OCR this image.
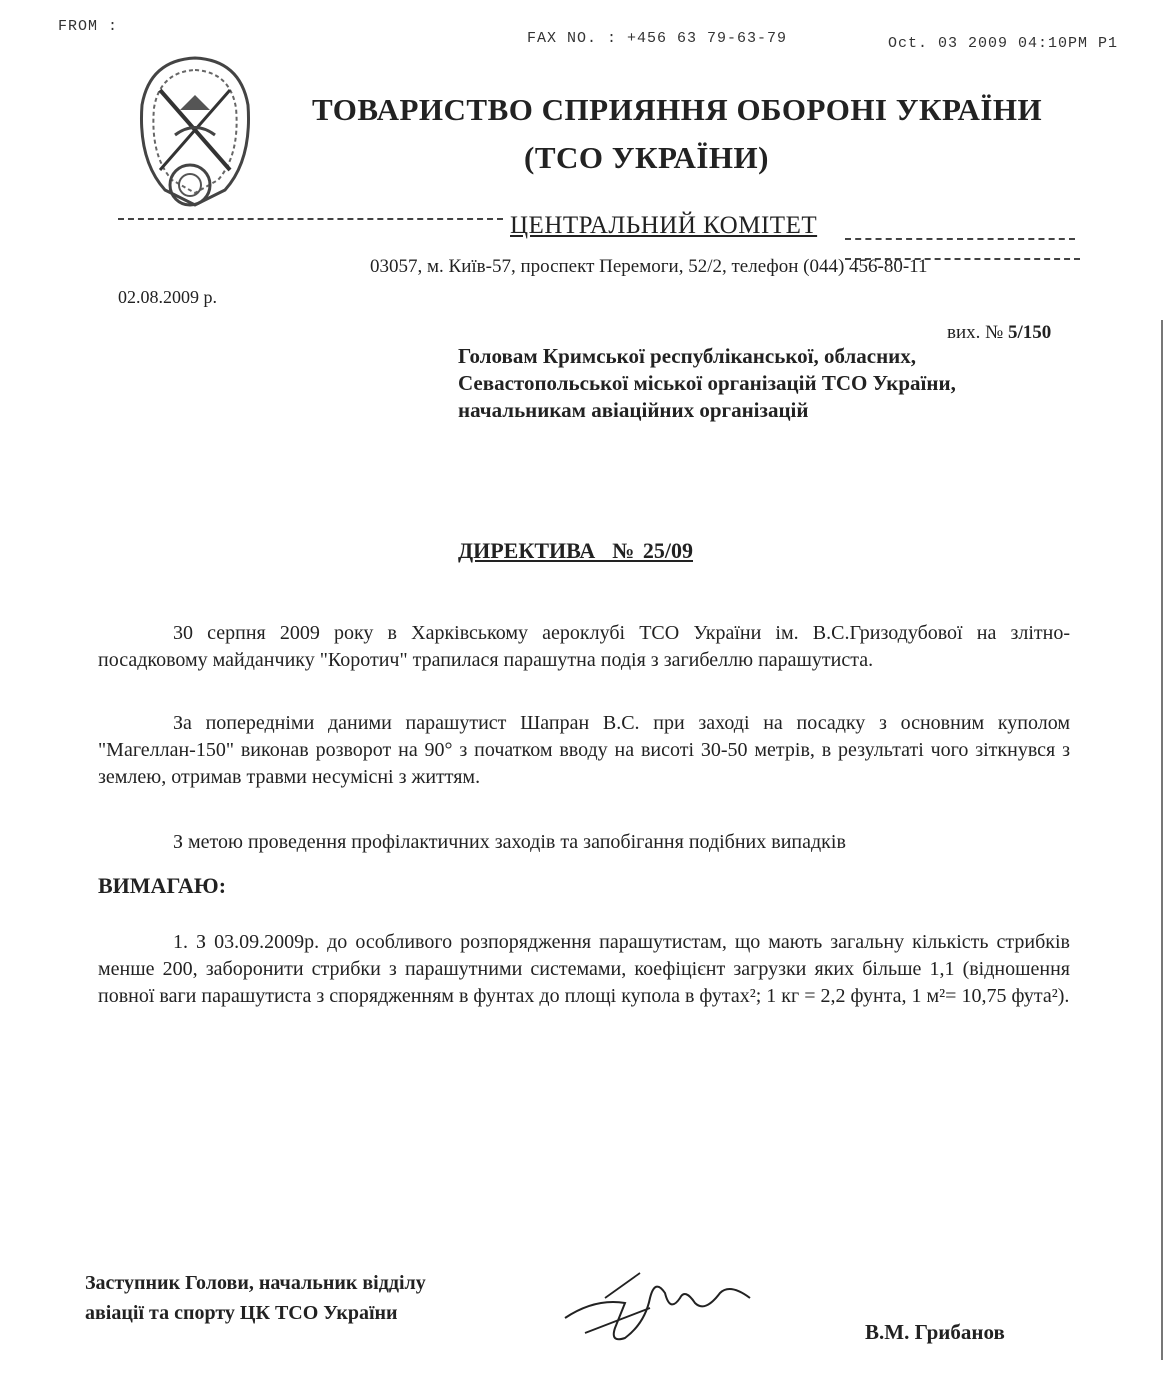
FROM :
FAX NO. : +456 63 79-63-79	Oct. 03 2009 04:10PM P1
ТОВАРИСТВО СПРИЯННЯ ОБОРОНІ УКРАЇНИ
(ТСО УКРАЇНИ)
ЦЕНТРАЛЬНИЙ КОМІТЕТ
03057, м. Київ-57, проспект Перемоги, 52/2, телефон (044) 456-80-11
02.08.2009 р.
вих. № 5/150
Головам Кримської республіканської, обласних,
Севастопольської міської організацій ТСО України,
начальникам авіаційних організацій
ДИРЕКТИВА  № 25/09
30 серпня 2009 року в Харківському аероклубі ТСО України ім. В.С.Гризодубової на злітно-посадковому майданчику "Коротич" трапилася парашутна подія з загибеллю парашутиста.
За попередніми даними парашутист Шапран В.С. при заході на посадку з основним куполом "Магеллан-150" виконав розворот на 90° з початком вводу на висоті 30-50 метрів, в результаті чого зіткнувся з землею, отримав травми несумісні з життям.
З метою проведення профілактичних заходів та запобігання подібних випадків
ВИМАГАЮ:
1. З 03.09.2009р. до особливого розпорядження парашутистам, що мають загальну кількість стрибків менше 200, заборонити стрибки з парашутними системами, коефіцієнт загрузки яких більше 1,1 (відношення повної ваги парашутиста з спорядженням в фунтах до площі купола в футах²; 1 кг = 2,2 фунта, 1 м²= 10,75 фута²).
Заступник Голови, начальник відділу
авіації та спорту ЦК ТСО України
В.М. Грибанов
